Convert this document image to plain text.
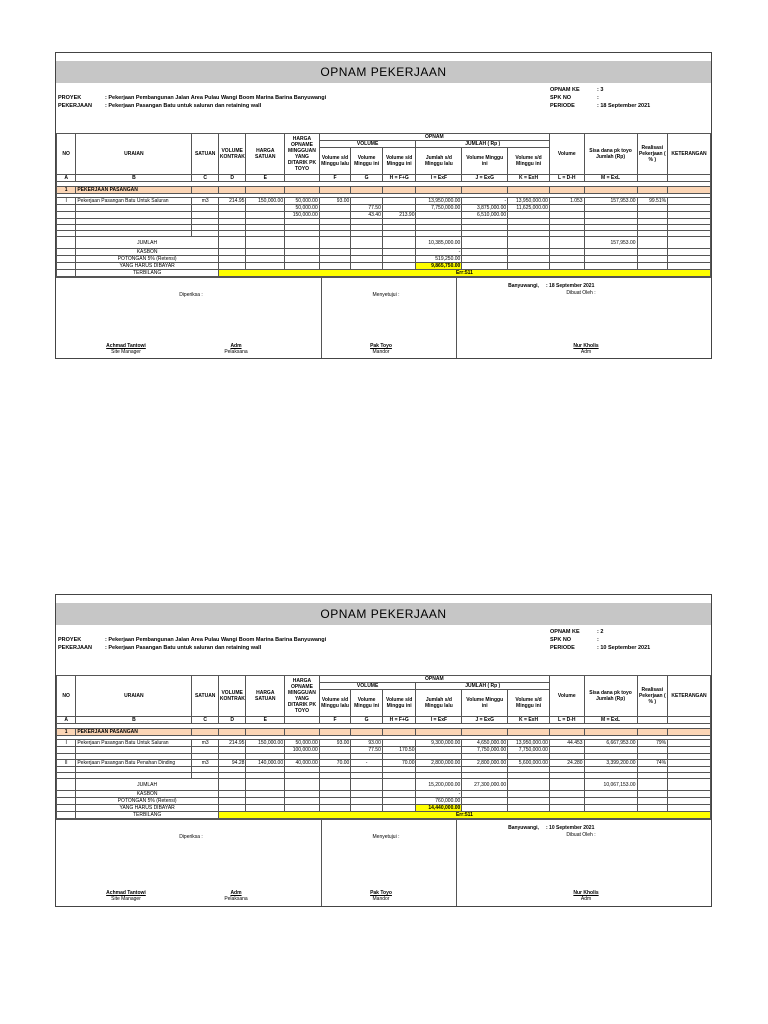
OPNAM PEKERJAAN
PROYEK	: Pekerjaan Pembangunan Jalan Area Pulau Wangi Boom Marina Barina Banyuwangi
PEKERJAAN : Pekerjaan Pasangan Batu untuk saluran dan retaining wall
OPNAM KE	: 3
SPK NO	:
PERIODE	: 18 September 2021
NO	URAIAN	SATUAN	VOLUME KONTRAK	HARGA SATUAN	HARGA OPNAME MINGGUAN YANG DITARIK PK TOYO	OPNAM						Volume	Sisa dana pk toyo Jumlah (Rp)	Realisasi Pekerjaan ( % )	KETERANGAN
						VOLUME			JUMLAH ( Rp )						
						Volume s/d Minggu lalu	Volume Minggu ini	Volume s/d Minggu ini	Jumlah s/d Minggu lalu	Volume Minggu ini	Volume s/d Minggu ini				

A	B	C	D	E		F	G	H = F+G	I = ExF	J = ExG	K = ExH	L = D-H	M = ExL		

1	PEKERJAAN PASANGAN														

I	Pekerjaan Pasangan Batu Untuk Saluran	m3	214.95	150,000.00	50,000.00	93.00			13,950,000.00	-	13,950,000.00	1.053	157,953.00	99.51%	
					50,000.00		77.50		7,750,000.00	3,875,000.00	11,625,000.00				
					150,000.00		43.40	213.90		6,510,000.00					

	JUMLAH								10,385,000.00				157,953.00		
	KASBON								-						
	POTONGAN 5% (Retensi)								519,250.00						
	YANG HARUS DIBAYAR								9,865,750.00						
	TERBILANG		Err:511												
Diperiksa :	Menyetujui :
Banyuwangi,	: 18 September 2021
Dibuat Oleh :
Achmad Tantowi
Site Manager
Adm
Pelaksana
Pak Toyo
Mandor
Nur Kholis
Adm
OPNAM PEKERJAAN
PROYEK	: Pekerjaan Pembangunan Jalan Area Pulau Wangi Boom Marina Barina Banyuwangi
PEKERJAAN : Pekerjaan Pasangan Batu untuk saluran dan retaining wall
OPNAM KE	: 2
SPK NO	:
PERIODE	: 10 September 2021
NO	URAIAN	SATUAN	VOLUME KONTRAK	HARGA SATUAN	HARGA OPNAME MINGGUAN YANG DITARIK PK TOYO	OPNAM						Volume	Sisa dana pk toyo Jumlah (Rp)	Realisasi Pekerjaan ( % )	KETERANGAN
						VOLUME			JUMLAH ( Rp )						
						Volume s/d Minggu lalu	Volume Minggu ini	Volume s/d Minggu ini	Jumlah s/d Minggu lalu	Volume Minggu ini	Volume s/d Minggu ini				

A	B	C	D	E		F	G	H = F+G	I = ExF	J = ExG	K = ExH	L = D-H	M = ExL		

1	PEKERJAAN PASANGAN														

I	Pekerjaan Pasangan Batu Untuk Saluran	m3	214.95	150,000.00	50,000.00	93.00	93.00		9,300,000.00	4,650,000.00	13,950,000.00	44.453	6,667,953.00	79%	
					100,000.00		77.50	170.50		7,750,000.00	7,750,000.00				

II	Pekerjaan Pasangan Batu Penahan Dinding	m3	94.28	140,000.00	40,000.00	70.00	-	70.00	2,800,000.00	2,800,000.00	5,600,000.00	24.280	3,399,200.00	74%	

	JUMLAH								15,200,000.00	27,300,000.00			10,067,153.00		
	KASBON								-						
	POTONGAN 5% (Retensi)								760,000.00						
	YANG HARUS DIBAYAR								14,440,000.00						
	TERBILANG		Err:511												
Diperiksa :	Menyetujui :
Banyuwangi,	: 10 September 2021
Dibuat Oleh :
Achmad Tantowi
Site Manager
Adm
Pelaksana
Pak Toyo
Mandor
Nur Kholis
Adm
